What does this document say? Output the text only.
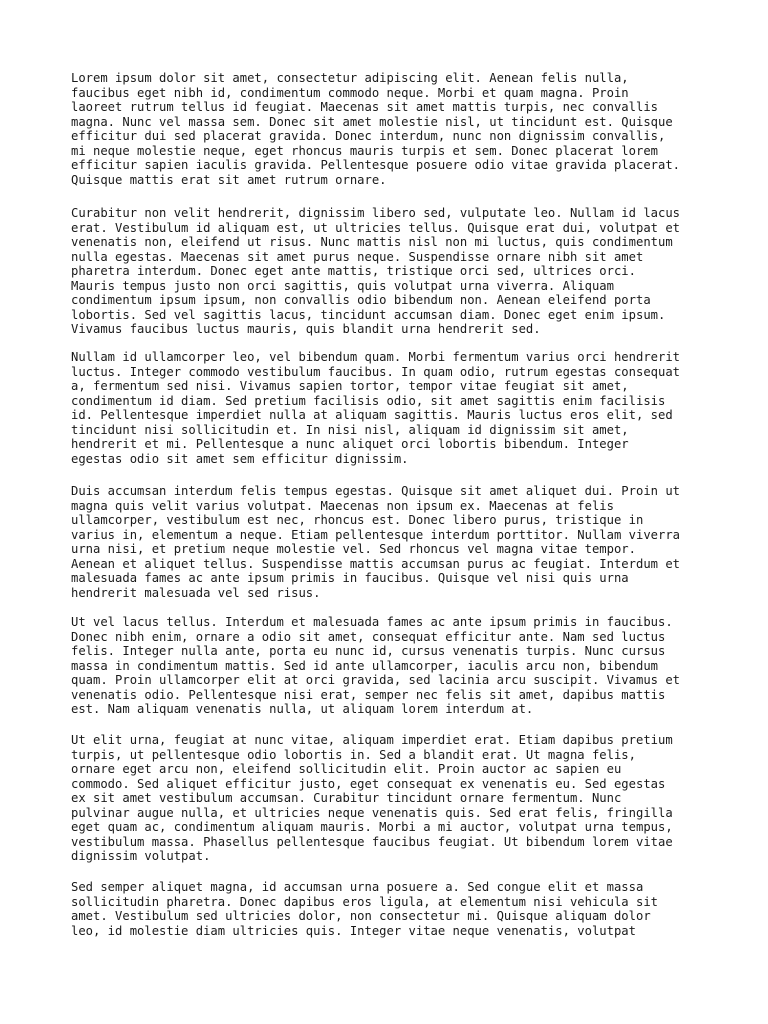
Lorem ipsum dolor sit amet, consectetur adipiscing elit. Aenean felis nulla,
faucibus eget nibh id, condimentum commodo neque. Morbi et quam magna. Proin
laoreet rutrum tellus id feugiat. Maecenas sit amet mattis turpis, nec convallis
magna. Nunc vel massa sem. Donec sit amet molestie nisl, ut tincidunt est. Quisque
efficitur dui sed placerat gravida. Donec interdum, nunc non dignissim convallis,
mi neque molestie neque, eget rhoncus mauris turpis et sem. Donec placerat lorem
efficitur sapien iaculis gravida. Pellentesque posuere odio vitae gravida placerat.
Quisque mattis erat sit amet rutrum ornare.

Curabitur non velit hendrerit, dignissim libero sed, vulputate leo. Nullam id lacus
erat. Vestibulum id aliquam est, ut ultricies tellus. Quisque erat dui, volutpat et
venenatis non, eleifend ut risus. Nunc mattis nisl non mi luctus, quis condimentum
nulla egestas. Maecenas sit amet purus neque. Suspendisse ornare nibh sit amet
pharetra interdum. Donec eget ante mattis, tristique orci sed, ultrices orci.
Mauris tempus justo non orci sagittis, quis volutpat urna viverra. Aliquam
condimentum ipsum ipsum, non convallis odio bibendum non. Aenean eleifend porta
lobortis. Sed vel sagittis lacus, tincidunt accumsan diam. Donec eget enim ipsum.
Vivamus faucibus luctus mauris, quis blandit urna hendrerit sed.

Nullam id ullamcorper leo, vel bibendum quam. Morbi fermentum varius orci hendrerit
luctus. Integer commodo vestibulum faucibus. In quam odio, rutrum egestas consequat
a, fermentum sed nisi. Vivamus sapien tortor, tempor vitae feugiat sit amet,
condimentum id diam. Sed pretium facilisis odio, sit amet sagittis enim facilisis
id. Pellentesque imperdiet nulla at aliquam sagittis. Mauris luctus eros elit, sed
tincidunt nisi sollicitudin et. In nisi nisl, aliquam id dignissim sit amet,
hendrerit et mi. Pellentesque a nunc aliquet orci lobortis bibendum. Integer
egestas odio sit amet sem efficitur dignissim.

Duis accumsan interdum felis tempus egestas. Quisque sit amet aliquet dui. Proin ut
magna quis velit varius volutpat. Maecenas non ipsum ex. Maecenas at felis
ullamcorper, vestibulum est nec, rhoncus est. Donec libero purus, tristique in
varius in, elementum a neque. Etiam pellentesque interdum porttitor. Nullam viverra
urna nisi, et pretium neque molestie vel. Sed rhoncus vel magna vitae tempor.
Aenean et aliquet tellus. Suspendisse mattis accumsan purus ac feugiat. Interdum et
malesuada fames ac ante ipsum primis in faucibus. Quisque vel nisi quis urna
hendrerit malesuada vel sed risus.

Ut vel lacus tellus. Interdum et malesuada fames ac ante ipsum primis in faucibus.
Donec nibh enim, ornare a odio sit amet, consequat efficitur ante. Nam sed luctus
felis. Integer nulla ante, porta eu nunc id, cursus venenatis turpis. Nunc cursus
massa in condimentum mattis. Sed id ante ullamcorper, iaculis arcu non, bibendum
quam. Proin ullamcorper elit at orci gravida, sed lacinia arcu suscipit. Vivamus et
venenatis odio. Pellentesque nisi erat, semper nec felis sit amet, dapibus mattis
est. Nam aliquam venenatis nulla, ut aliquam lorem interdum at.

Ut elit urna, feugiat at nunc vitae, aliquam imperdiet erat. Etiam dapibus pretium
turpis, ut pellentesque odio lobortis in. Sed a blandit erat. Ut magna felis,
ornare eget arcu non, eleifend sollicitudin elit. Proin auctor ac sapien eu
commodo. Sed aliquet efficitur justo, eget consequat ex venenatis eu. Sed egestas
ex sit amet vestibulum accumsan. Curabitur tincidunt ornare fermentum. Nunc
pulvinar augue nulla, et ultricies neque venenatis quis. Sed erat felis, fringilla
eget quam ac, condimentum aliquam mauris. Morbi a mi auctor, volutpat urna tempus,
vestibulum massa. Phasellus pellentesque faucibus feugiat. Ut bibendum lorem vitae
dignissim volutpat.

Sed semper aliquet magna, id accumsan urna posuere a. Sed congue elit et massa
sollicitudin pharetra. Donec dapibus eros ligula, at elementum nisi vehicula sit
amet. Vestibulum sed ultricies dolor, non consectetur mi. Quisque aliquam dolor
leo, id molestie diam ultricies quis. Integer vitae neque venenatis, volutpat
